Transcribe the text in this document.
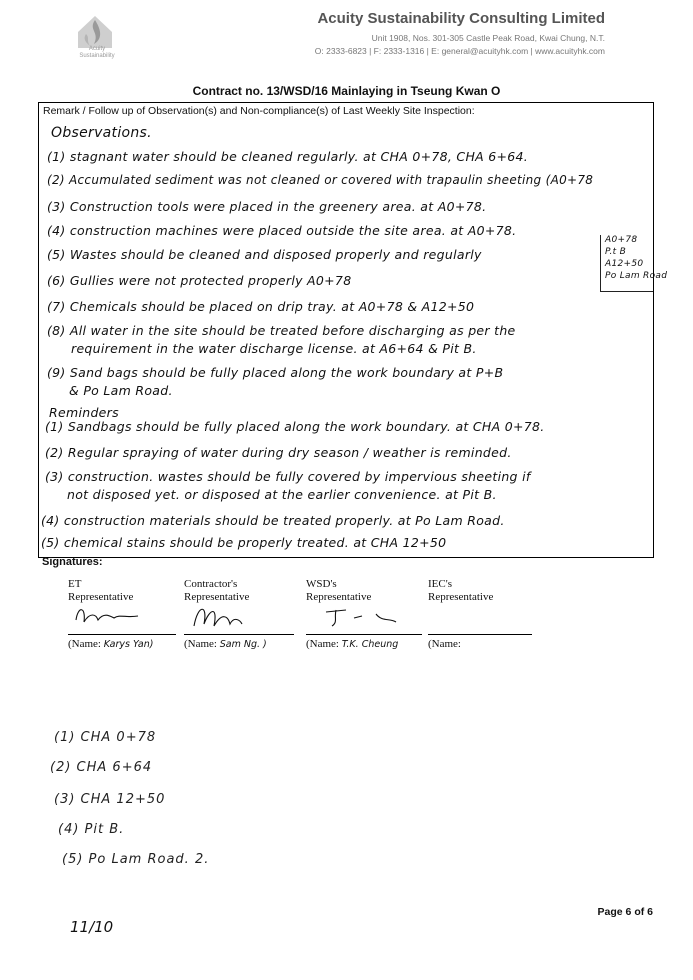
Acuity
Sustainability
Acuity Sustainability Consulting Limited
Unit 1908, Nos. 301-305 Castle Peak Road, Kwai Chung, N.T.
O: 2333-6823 | F: 2333-1316 | E: general@acuityhk.com | www.acuityhk.com
Contract no. 13/WSD/16 Mainlaying in Tseung Kwan O
Remark / Follow up of Observation(s) and Non-compliance(s) of Last Weekly Site Inspection:
Observations.
(1) stagnant water should be cleaned regularly. at CHA 0+78, CHA 6+64.
(2) Accumulated sediment was not cleaned or covered with trapaulin sheeting (A0+78
(3) Construction tools were placed in the greenery area. at A0+78.
(4) construction machines were placed outside the site area. at A0+78.
(5) Wastes should be cleaned and disposed properly and regularly
(6) Gullies were not protected properly A0+78
(7) Chemicals should be placed on drip tray. at A0+78 & A12+50
(8) All water in the site should be treated before discharging as per the
requirement in the water discharge license. at A6+64 & Pit B.
(9) Sand bags should be fully placed along the work boundary at P+B
& Po Lam Road.
Reminders
(1) Sandbags should be fully placed along the work boundary. at CHA 0+78.
(2) Regular spraying of water during dry season / weather is reminded.
(3) construction. wastes should be fully covered by impervious sheeting if
not disposed yet. or disposed at the earlier convenience. at Pit B.
(4) construction materials should be treated properly. at Po Lam Road.
(5) chemical stains should be properly treated. at CHA 12+50
A0+78
P.t B
A12+50
Po Lam Road
Signatures:
ET
Representative
(Name: Karys Yan)
Contractor's
Representative
(Name: Sam Ng. )
WSD's
Representative
(Name: T.K. Cheung
IEC's
Representative
(Name:
(1) CHA 0+78
(2) CHA 6+64
(3) CHA 12+50
(4) Pit B.
(5) Po Lam Road. 2.
Page 6 of 6
11/10
